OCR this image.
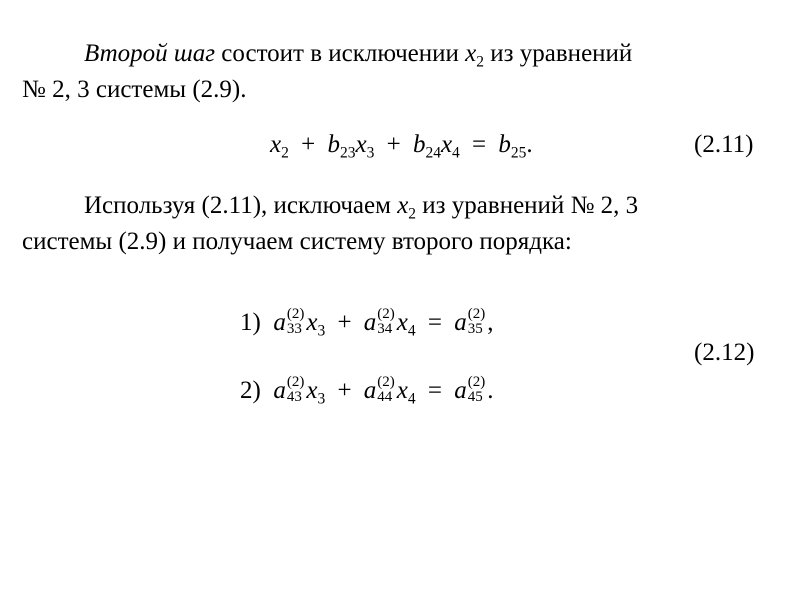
Второй шаг состоит в исключении $x_2$ из уравнений
№ 2, 3 системы (2.9).
$x_2 + b_{23}x_3 + b_{24}x_4 = b_{25}$.	(2.11)
Используя (2.11), исключаем $x_2$ из уравнений № 2, 3
системы (2.9) и получаем систему второго порядка:
1) a (2)
33 $x_3 + a$ (2)
34 $x_4 = a$ (2)
35 ,
(2.12)
2) a (2)
43 $x_3 + a$ (2)
44 $x_4 = a$ (2)
45 .
